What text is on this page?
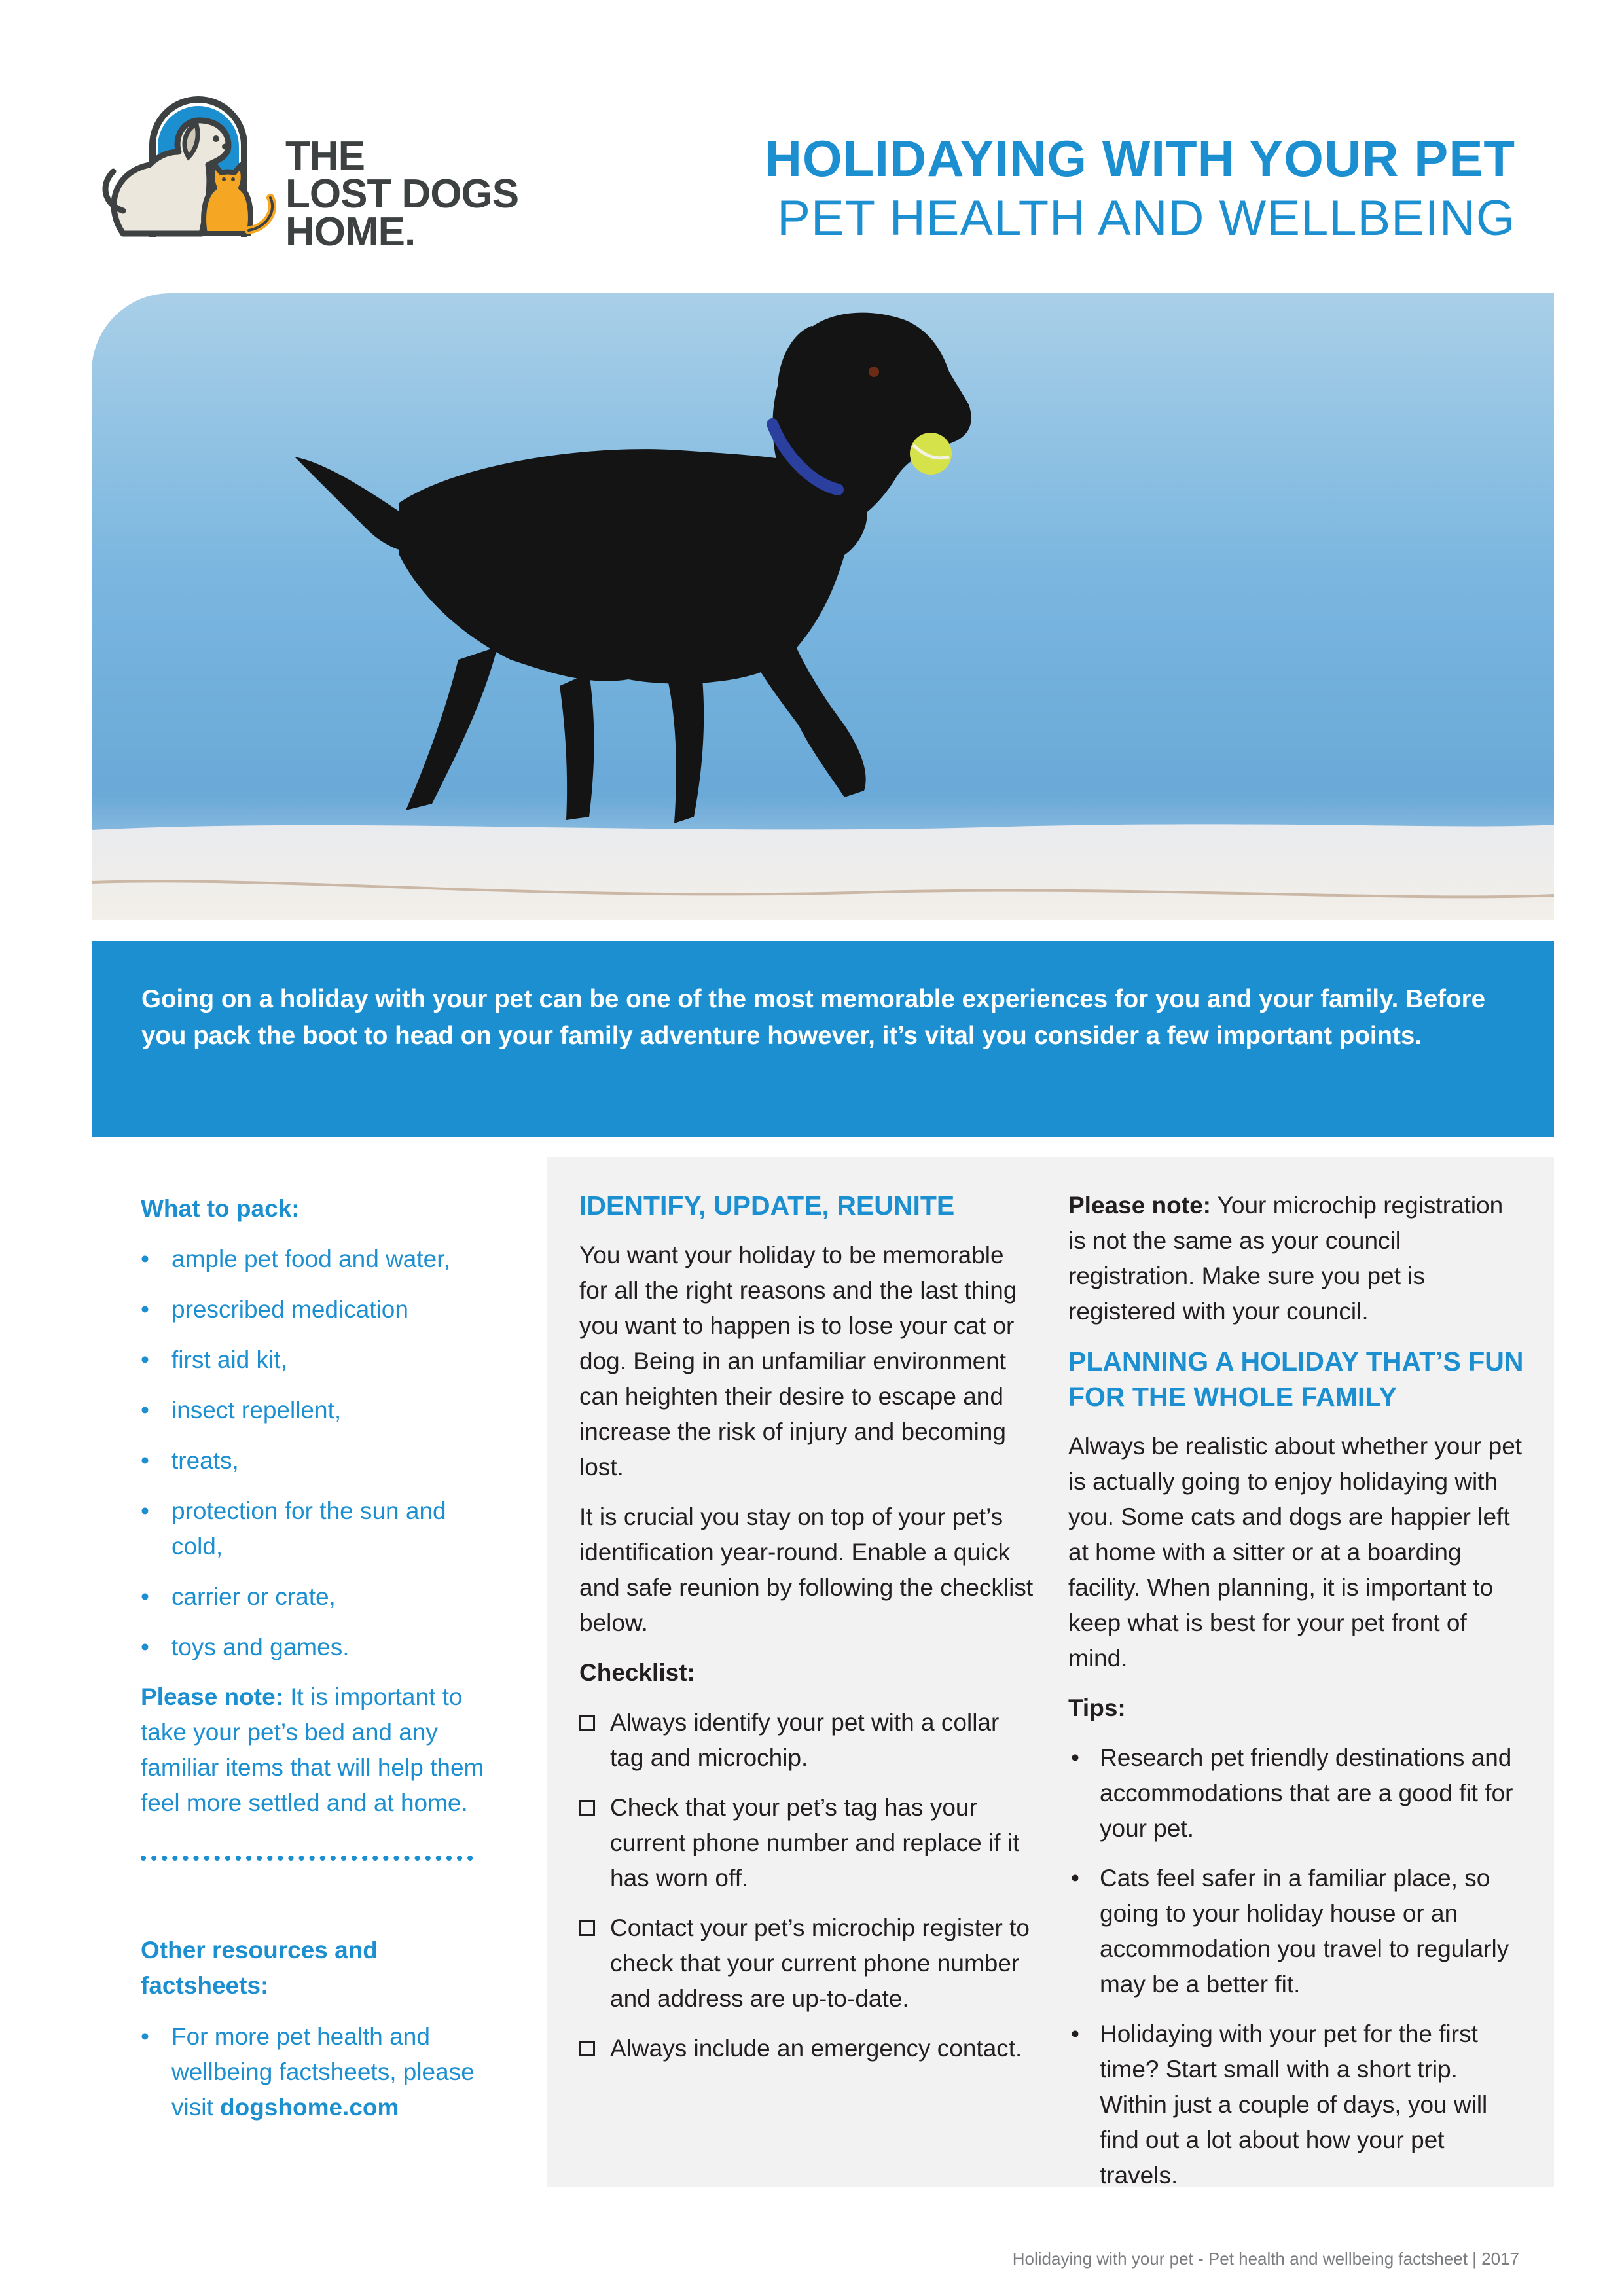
THE
LOST DOGS
HOME.
HOLIDAYING WITH YOUR PET
PET HEALTH AND WELLBEING
Going on a holiday with your pet can be one of the most memorable experiences for you and your family. Before you pack the boot to head on your family adventure however, it’s vital you consider a few important points.

What to pack:

• ample pet food and water,
• prescribed medication
• first aid kit,
• insect repellent,
• treats,
• protection for the sun and cold,
• carrier or crate,
• toys and games.

Please note: It is important to take your pet’s bed and any familiar items that will help them feel more settled and at home.

Other resources and factsheets:

• For more pet health and wellbeing factsheets, please visit dogshome.com

IDENTIFY, UPDATE, REUNITE

You want your holiday to be memorable for all the right reasons and the last thing you want to happen is to lose your cat or dog. Being in an unfamiliar environment can heighten their desire to escape and increase the risk of injury and becoming lost.

It is crucial you stay on top of your pet’s identification year-round. Enable a quick and safe reunion by following the checklist below.

Checklist:

Always identify your pet with a collar tag and microchip.
Check that your pet’s tag has your current phone number and replace if it has worn off.
Contact your pet’s microchip register to check that your current phone number and address are up-to-date.
Always include an emergency contact.

Please note: Your microchip registration is not the same as your council registration. Make sure you pet is registered with your council.

PLANNING A HOLIDAY THAT’S FUN FOR THE WHOLE FAMILY

Always be realistic about whether your pet is actually going to enjoy holidaying with you. Some cats and dogs are happier left at home with a sitter or at a boarding facility. When planning, it is important to keep what is best for your pet front of mind.

Tips:

• Research pet friendly destinations and accommodations that are a good fit for your pet.
• Cats feel safer in a familiar place, so going to your holiday house or an accommodation you travel to regularly may be a better fit.
• Holidaying with your pet for the first time? Start small with a short trip. Within just a couple of days, you will find out a lot about how your pet travels.
Holidaying with your pet - Pet health and wellbeing factsheet | 2017
